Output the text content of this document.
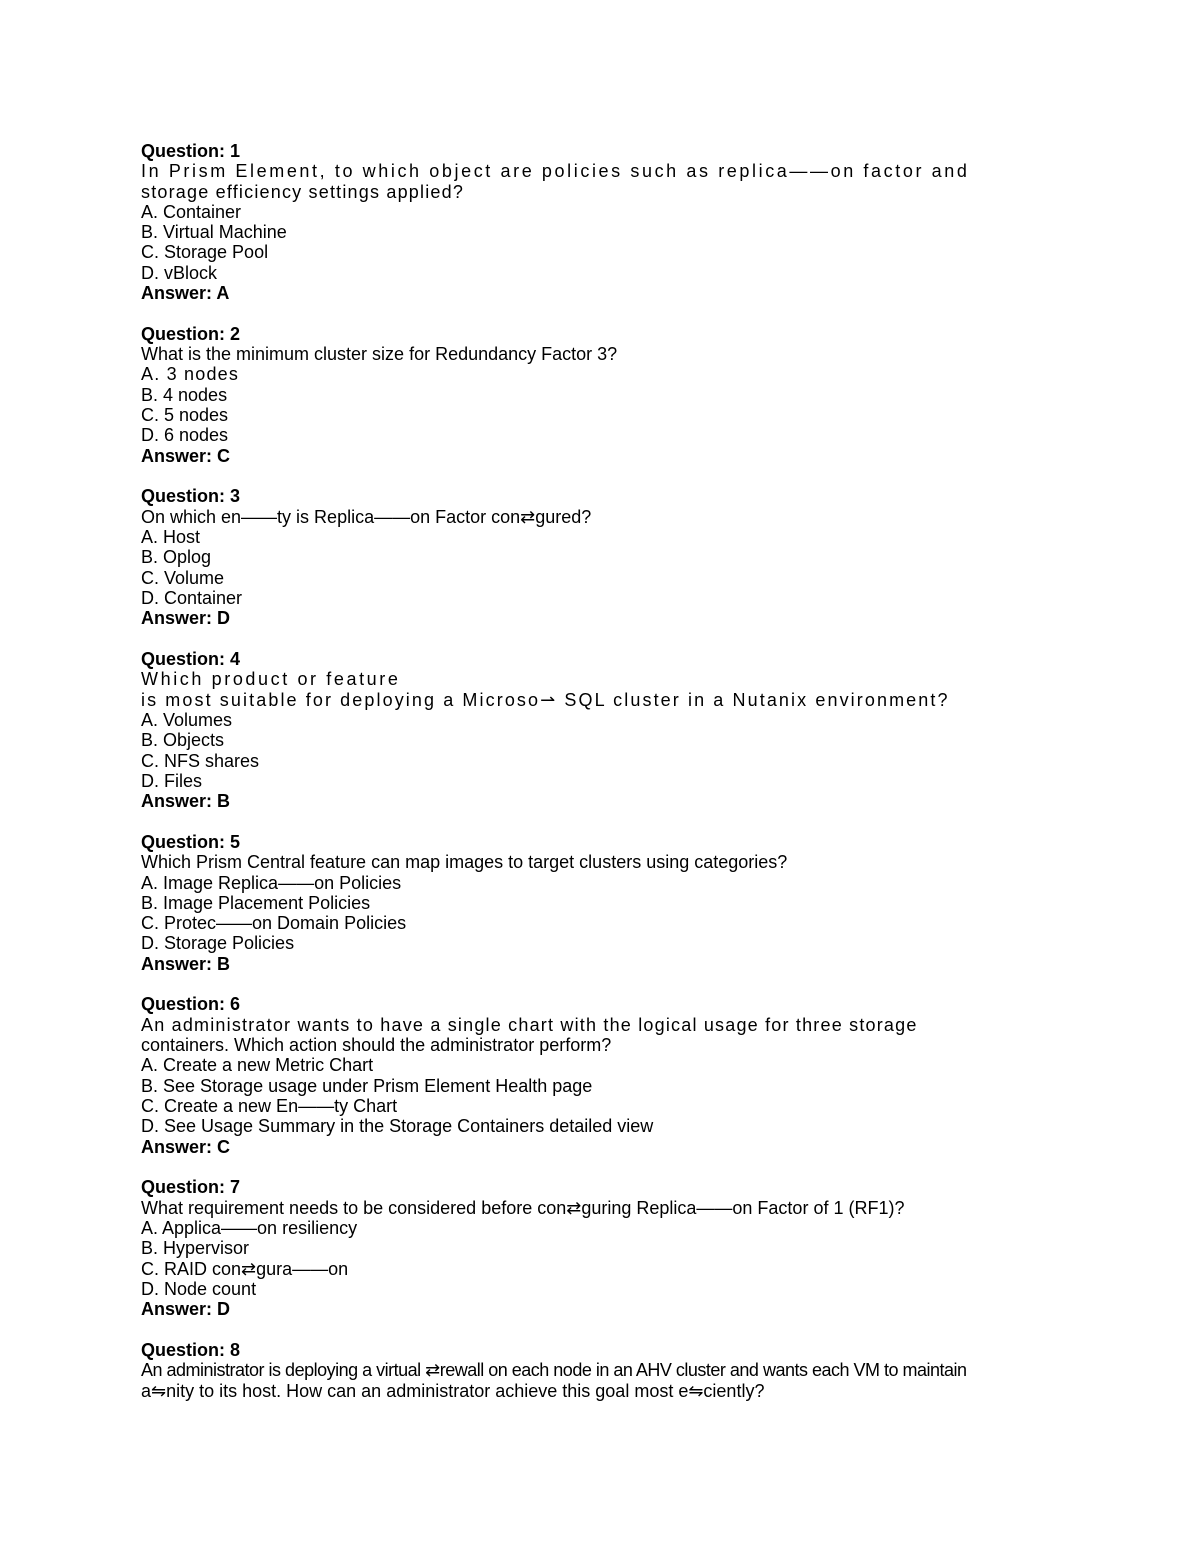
Question: 1
In Prism Element, to which object are policies such as replica——on factor and
storage efficiency settings applied?
A. Container
B. Virtual Machine
C. Storage Pool
D. vBlock
Answer: A
Question: 2
What is the minimum cluster size for Redundancy Factor 3?
A. 3 nodes
B. 4 nodes
C. 5 nodes
D. 6 nodes
Answer: C
Question: 3
On which en——ty is Replica——on Factor con⇄gured?
A. Host
B. Oplog
C. Volume
D. Container
Answer: D
Question: 4
Which product or feature
is most suitable for deploying a Microso⇀ SQL cluster in a Nutanix environment?
A. Volumes
B. Objects
C. NFS shares
D. Files
Answer: B
Question: 5
Which Prism Central feature can map images to target clusters using categories?
A. Image Replica——on Policies
B. Image Placement Policies
C. Protec——on Domain Policies
D. Storage Policies
Answer: B
Question: 6
An administrator wants to have a single chart with the logical usage for three storage
containers. Which action should the administrator perform?
A. Create a new Metric Chart
B. See Storage usage under Prism Element Health page
C. Create a new En——ty Chart
D. See Usage Summary in the Storage Containers detailed view
Answer: C
Question: 7
What requirement needs to be considered before con⇄guring Replica——on Factor of 1 (RF1)?
A. Applica——on resiliency
B. Hypervisor
C. RAID con⇄gura——on
D. Node count
Answer: D
Question: 8
An administrator is deploying a virtual ⇄rewall on each node in an AHV cluster and wants each VM to maintain
a⇋nity to its host. How can an administrator achieve this goal most e⇋ciently?
